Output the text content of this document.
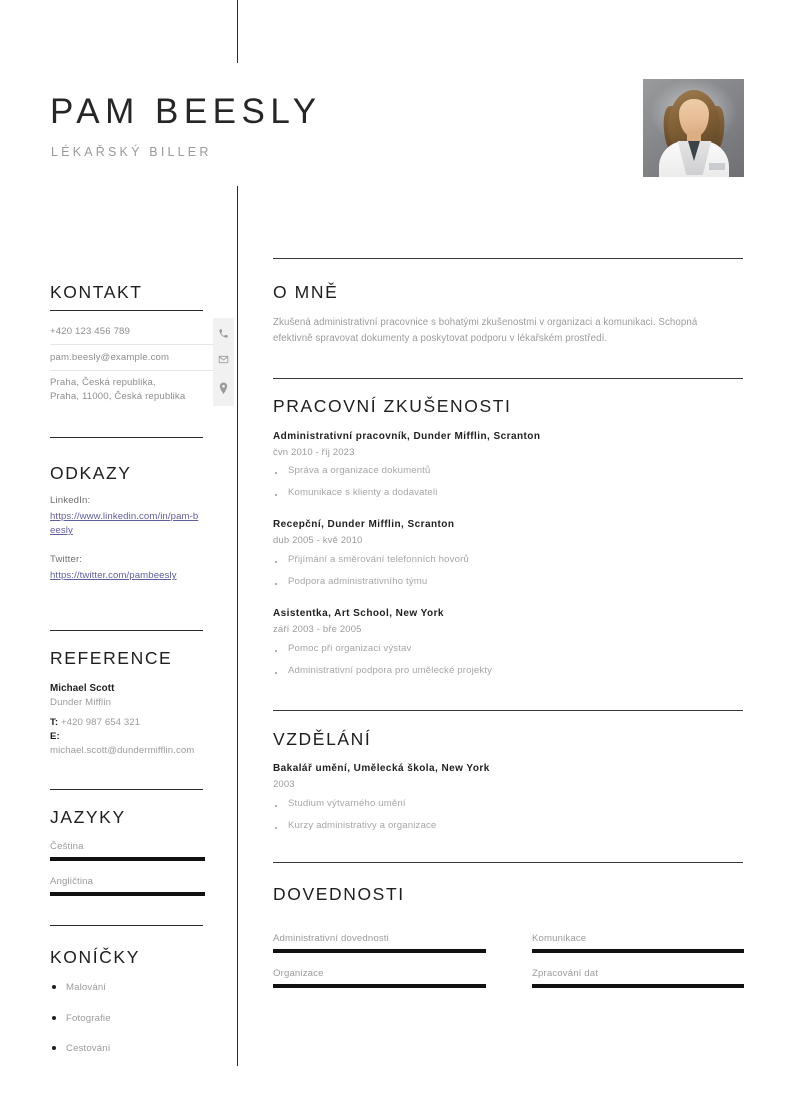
PAM BEESLY
LÉKAŘSKÝ BILLER
KONTAKT
+420 123 456 789
pam.beesly@example.com
Praha, Česká republika,
Praha, 11000, Česká republika
ODKAZY
LinkedIn:
https://www.linkedin.com/in/pam-beesly
Twitter:
https://twitter.com/pambeesly
REFERENCE
Michael Scott
Dunder Mifflin
T: +420 987 654 321
E: michael.scott@dundermifflin.com
JAZYKY
Čeština
Angličtina
KONÍČKY
Malování
Fotografie
Cestování
O MNĚ
Zkušená administrativní pracovnice s bohatými zkušenostmi v organizaci a komunikaci. Schopná efektivně spravovat dokumenty a poskytovat podporu v lékařském prostředí.
PRACOVNÍ ZKUŠENOSTI
Administrativní pracovník, Dunder Mifflin, Scranton
čvn 2010 - říj 2023
Správa a organizace dokumentů
Komunikace s klienty a dodavateli
Recepční, Dunder Mifflin, Scranton
dub 2005 - kvě 2010
Přijímání a směrování telefonních hovorů
Podpora administrativního týmu
Asistentka, Art School, New York
září 2003 - bře 2005
Pomoc při organizaci výstav
Administrativní podpora pro umělecké projekty
VZDĚLÁNÍ
Bakalář umění, Umělecká škola, New York
2003
Studium výtvarného umění
Kurzy administrativy a organizace
DOVEDNOSTI
Administrativní dovednosti	Komunikace
Organizace	Zpracování dat
